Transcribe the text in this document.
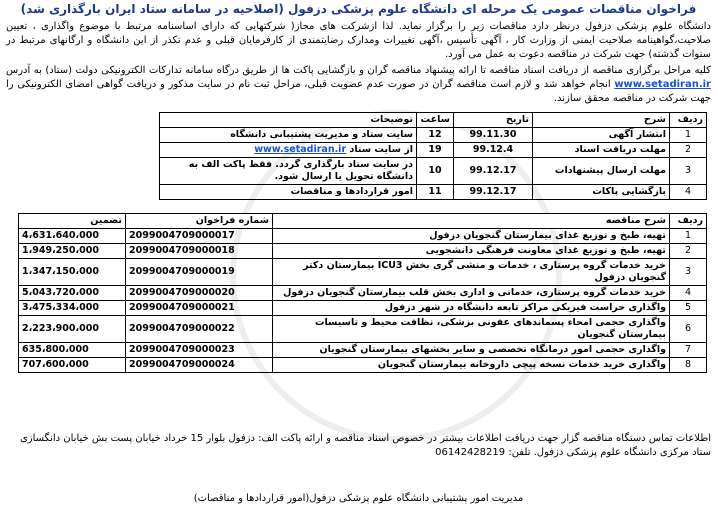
فراخوان مناقصات عمومی یک مرحله ای دانشگاه علوم پزشکی دزفول (اصلاحیه در سامانه ستاد ایران بارگذاری شد)
دانشگاه علوم پزشکی دزفول درنظر دارد مناقصات زیر را برگزار نماید. لذا ازشرکت های مجاز( شرکتهایی که دارای اساسنامه مرتبط با موضوع واگذاری ، تعیین صلاحیت،گواهینامه صلاحیت ایمنی از وزارت کار ، آگهی تأسیس ،آگهی تغییرات ومدارک رضایتمندی از کارفرمایان قبلی و عدم تکذر از این دانشگاه و ارگانهای مرتبط در سنوات گذشته) جهت شرکت در مناقصه دعوت به عمل می آورد.
کلیه مراحل برگزاری مناقصه از دریافت اسناد مناقصه تا ارائه پیشنهاد مناقصه گران و بازگشایی پاکت ها از طریق درگاه سامانه تدارکات الکترونیکی دولت (ستاد) به آدرس www.setadiran.ir انجام خواهد شد و لازم است مناقصه گران در صورت عدم عضویت قبلی، مراحل ثبت نام در سایت مذکور و دریافت گواهی امضای الکترونیکی را جهت شرکت در مناقصه محقق سازند.
ردیف	شرح	تاریخ	ساعت	توضیحات
1	انتشار آگهی	99.11.30	12	سایت ستاد و مدیریت پشتیبانی دانشگاه
2	مهلت دریافت اسناد	99.12.4	19	از سایت ستاد www.setadiran.ir
3	مهلت ارسال پیشنهادات	99.12.17	10	در سایت ستاد بارگذاری گردد. فقط پاکت الف به دانشگاه تحویل یا ارسال شود.
4	بازگشایی پاکات	99.12.17	11	امور قراردادها و مناقصات
ردیف	شرح مناقصه	شماره فراخوان	تضمین
1	تهیه، طبخ و توزیع غذای بیمارستان گنجویان دزفول	2099004709000017	4،631،640،000
2	تهیه، طبخ و توزیع غذای معاونت فرهنگی دانشجویی	2099004709000018	1،949،250،000
3	خرید خدمات گروه پرستاری ، خدمات و منشی گری بخش ICU3 بیمارستان دکتر گنجویان دزفول	2099004709000019	1،347،150،000
4	خرید خدمات گروه پرستاری، خدماتی و اداری بخش قلب بیمارستان گنجویان دزفول	2099004709000020	5،043،720،000
5	واگذاری حراست فیزیکی مراکز تابعه دانشگاه در شهر دزفول	2099004709000021	3،475،334،000
6	واگذاری حجمی امحاء پسماندهای عفونی بزشکی، نظافت محیط و تاسیسات بیمارستان گنجویان	2099004709000022	2،223،900،000
7	واگذاری حجمی امور درمانگاه تخصصی و سایر بخشهای بیمارستان گنجویان	2099004709000023	635،800،000
8	واگذاری خرید خدمات نسخه پیچی داروخانه بیمارستان گنجویان	2099004709000024	707،600،000
اطلاعات تماس دستگاه مناقصه گزار جهت دریافت اطلاعات بیشتر در خصوص اسناد مناقصه و ارائه پاکت الف: دزفول بلوار 15 خرداد خیابان پست بش خیابان دانگسازی ستاد مرکزی دانشگاه علوم پزشکی دزفول. تلفن: 06142428219
مدیریت امور پشتیبانی دانشگاه علوم پزشکی دزفول(امور قراردادها و مناقصات)
